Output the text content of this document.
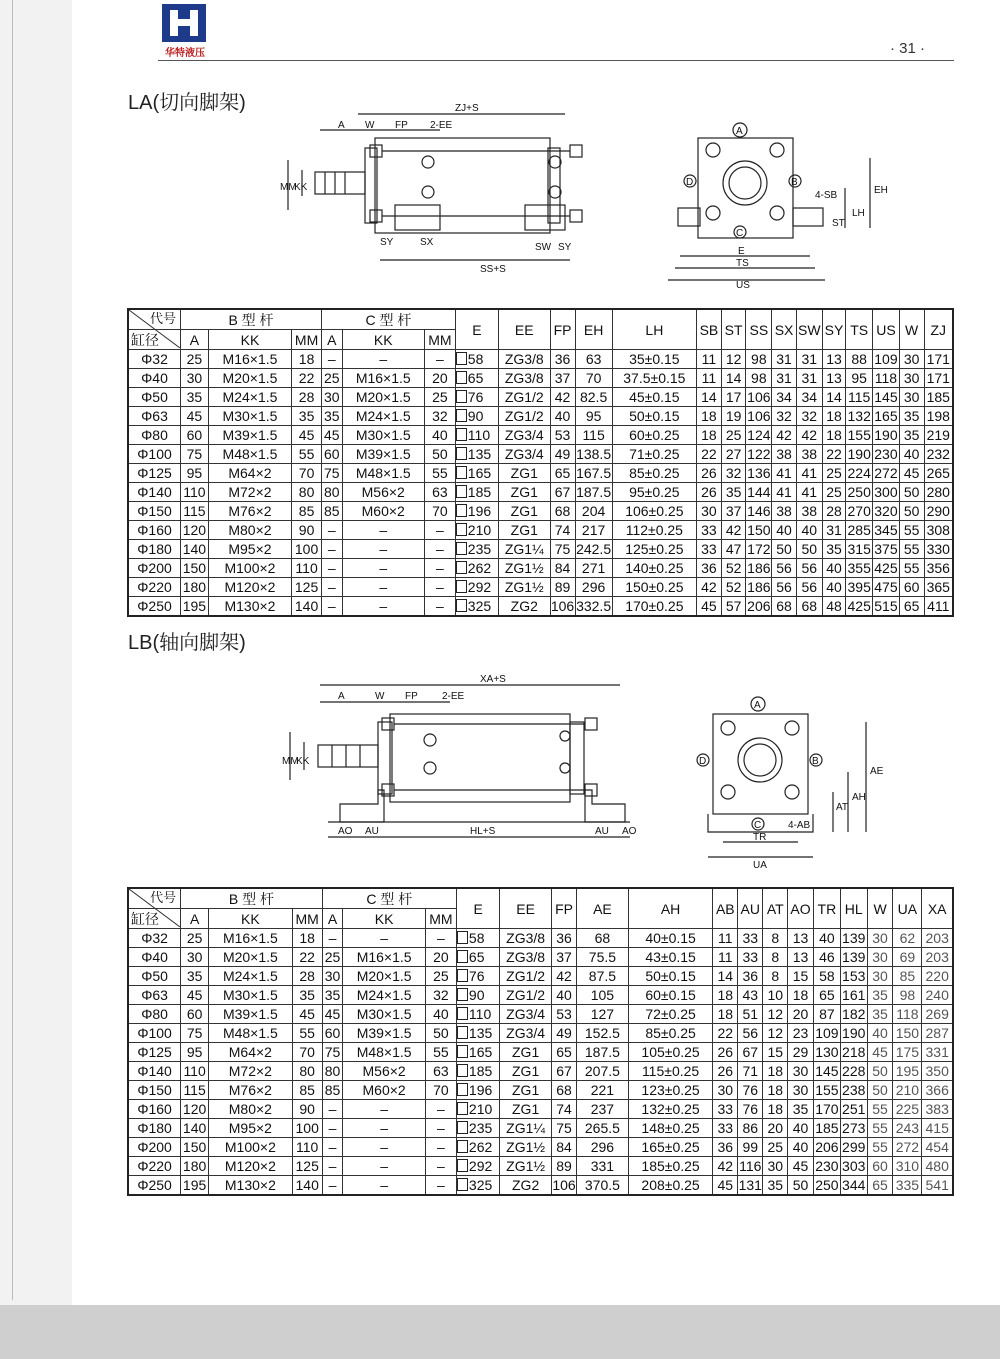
华特液压	· 31 ·
LA(切向脚架)	ZJ+S
A W FP 2-EE
MM
KK
SY	SX
SS+S
SW SY
A
B
C
D
4-SB	EH
LH
ST
E
TS
US
代号	B 型 杆			C 型 杆			E	EE	FP	EH	LH	SB	ST	SS	SX	SW	SY	TS	US	W	ZJ
缸径	A	KK	MM	A	KK	MM															
Φ32	25	M16×1.5	18	–	–	–	58	ZG3/8	36	63	35±0.15	11	12	98	31	31	13	88	109	30	171
Φ40	30	M20×1.5	22	25	M16×1.5	20	65	ZG3/8	37	70	37.5±0.15	11	14	98	31	31	13	95	118	30	171
Φ50	35	M24×1.5	28	30	M20×1.5	25	76	ZG1/2	42	82.5	45±0.15	14	17	106	34	34	14	115	145	30	185
Φ63	45	M30×1.5	35	35	M24×1.5	32	90	ZG1/2	40	95	50±0.15	18	19	106	32	32	18	132	165	35	198
Φ80	60	M39×1.5	45	45	M30×1.5	40	110	ZG3/4	53	115	60±0.25	18	25	124	42	42	18	155	190	35	219
Φ100	75	M48×1.5	55	60	M39×1.5	50	135	ZG3/4	49	138.5	71±0.25	22	27	122	38	38	22	190	230	40	232
Φ125	95	M64×2	70	75	M48×1.5	55	165	ZG1	65	167.5	85±0.25	26	32	136	41	41	25	224	272	45	265
Φ140	110	M72×2	80	80	M56×2	63	185	ZG1	67	187.5	95±0.25	26	35	144	41	41	25	250	300	50	280
Φ150	115	M76×2	85	85	M60×2	70	196	ZG1	68	204	106±0.25	30	37	146	38	38	28	270	320	50	290
Φ160	120	M80×2	90	–	–	–	210	ZG1	74	217	112±0.25	33	42	150	40	40	31	285	345	55	308
Φ180	140	M95×2	100	–	–	–	235	ZG1¼	75	242.5	125±0.25	33	47	172	50	50	35	315	375	55	330
Φ200	150	M100×2	110	–	–	–	262	ZG1½	84	271	140±0.25	36	52	186	56	56	40	355	425	55	356
Φ220	180	M120×2	125	–	–	–	292	ZG1½	89	296	150±0.25	42	52	186	56	56	40	395	475	60	365
Φ250	195	M130×2	140	–	–	–	325	ZG2	106	332.5	170±0.25	45	57	206	68	68	48	425	515	65	411
LB(轴向脚架)
XA+S
A	W FP 2-EE
MM
KK
AO AU	HL+S	AU AO
A
B
C
D
AE
AH
AT
4-AB
TR
UA
代号	B 型 杆			C 型 杆			E	EE	FP	AE	AH	AB	AU	AT	AO	TR	HL	W	UA	XA
缸径	A	KK	MM	A	KK	MM														
Φ32	25	M16×1.5	18	–	–	–	58	ZG3/8	36	68	40±0.15	11	33	8	13	40	139	30	62	203
Φ40	30	M20×1.5	22	25	M16×1.5	20	65	ZG3/8	37	75.5	43±0.15	11	33	8	13	46	139	30	69	203
Φ50	35	M24×1.5	28	30	M20×1.5	25	76	ZG1/2	42	87.5	50±0.15	14	36	8	15	58	153	30	85	220
Φ63	45	M30×1.5	35	35	M24×1.5	32	90	ZG1/2	40	105	60±0.15	18	43	10	18	65	161	35	98	240
Φ80	60	M39×1.5	45	45	M30×1.5	40	110	ZG3/4	53	127	72±0.25	18	51	12	20	87	182	35	118	269
Φ100	75	M48×1.5	55	60	M39×1.5	50	135	ZG3/4	49	152.5	85±0.25	22	56	12	23	109	190	40	150	287
Φ125	95	M64×2	70	75	M48×1.5	55	165	ZG1	65	187.5	105±0.25	26	67	15	29	130	218	45	175	331
Φ140	110	M72×2	80	80	M56×2	63	185	ZG1	67	207.5	115±0.25	26	71	18	30	145	228	50	195	350
Φ150	115	M76×2	85	85	M60×2	70	196	ZG1	68	221	123±0.25	30	76	18	30	155	238	50	210	366
Φ160	120	M80×2	90	–	–	–	210	ZG1	74	237	132±0.25	33	76	18	35	170	251	55	225	383
Φ180	140	M95×2	100	–	–	–	235	ZG1¼	75	265.5	148±0.25	33	86	20	40	185	273	55	243	415
Φ200	150	M100×2	110	–	–	–	262	ZG1½	84	296	165±0.25	36	99	25	40	206	299	55	272	454
Φ220	180	M120×2	125	–	–	–	292	ZG1½	89	331	185±0.25	42	116	30	45	230	303	60	310	480
Φ250	195	M130×2	140	–	–	–	325	ZG2	106	370.5	208±0.25	45	131	35	50	250	344	65	335	541
